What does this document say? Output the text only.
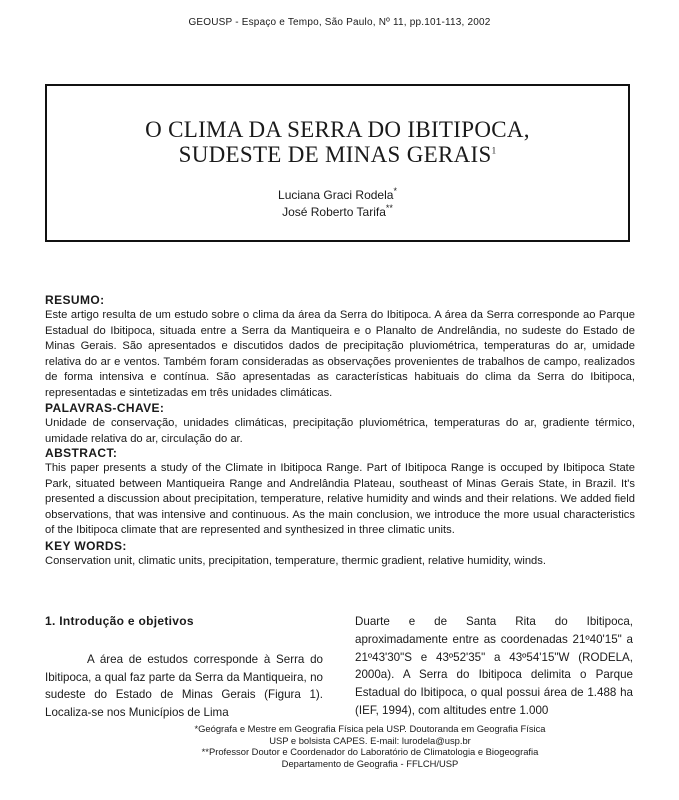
GEOUSP - Espaço e Tempo, São Paulo, Nº 11, pp.101-113, 2002
O CLIMA DA SERRA DO IBITIPOCA,
SUDESTE DE MINAS GERAIS$^1$
Luciana Graci Rodela*
José Roberto Tarifa**
RESUMO:
Este artigo resulta de um estudo sobre o clima da área da Serra do Ibitipoca. A área da Serra corresponde ao Parque Estadual do Ibitipoca, situada entre a Serra da Mantiqueira e o Planalto de Andrelândia, no sudeste do Estado de Minas Gerais. São apresentados e discutidos dados de precipitação pluviométrica, temperaturas do ar, umidade relativa do ar e ventos. Também foram consideradas as observações provenientes de trabalhos de campo, realizados de forma intensiva e contínua. São apresentadas as características habituais do clima da Serra do Ibitipoca, representadas e sintetizadas em três unidades climáticas.
PALAVRAS-CHAVE:
Unidade de conservação, unidades climáticas, precipitação pluviométrica, temperaturas do ar, gradiente térmico, umidade relativa do ar, circulação do ar.
ABSTRACT:
This paper presents a study of the Climate in Ibitipoca Range. Part of Ibitipoca Range is occuped by Ibitipoca State Park, situated between Mantiqueira Range and Andrelândia Plateau, southeast of Minas Gerais State, in Brazil. It's presented a discussion about precipitation, temperature, relative humidity and winds and their relations. We added field observations, that was intensive and continuous. As the main conclusion, we introduce the more usual characteristics of the Ibitipoca climate that are represented and synthesized in three climatic units.
KEY WORDS:
Conservation unit, climatic units, precipitation, temperature, thermic gradient, relative humidity, winds.
1. Introdução e objetivos
A área de estudos corresponde à Serra do Ibitipoca, a qual faz parte da Serra da Mantiqueira, no sudeste do Estado de Minas Gerais (Figura 1). Localiza-se nos Municípios de Lima
Duarte e de Santa Rita do Ibitipoca, aproximadamente entre as coordenadas 21º40'15" a 21º43'30"S e 43º52'35" a 43º54'15"W (RODELA, 2000a). A Serra do Ibitipoca delimita o Parque Estadual do Ibitipoca, o qual possui área de 1.488 ha (IEF, 1994), com altitudes entre 1.000
*Geógrafa e Mestre em Geografia Física pela USP. Doutoranda em Geografia Física
USP e bolsista CAPES. E-mail: lurodela@usp.br
**Professor Doutor e Coordenador do Laboratório de Climatologia e Biogeografia
Departamento de Geografia - FFLCH/USP
